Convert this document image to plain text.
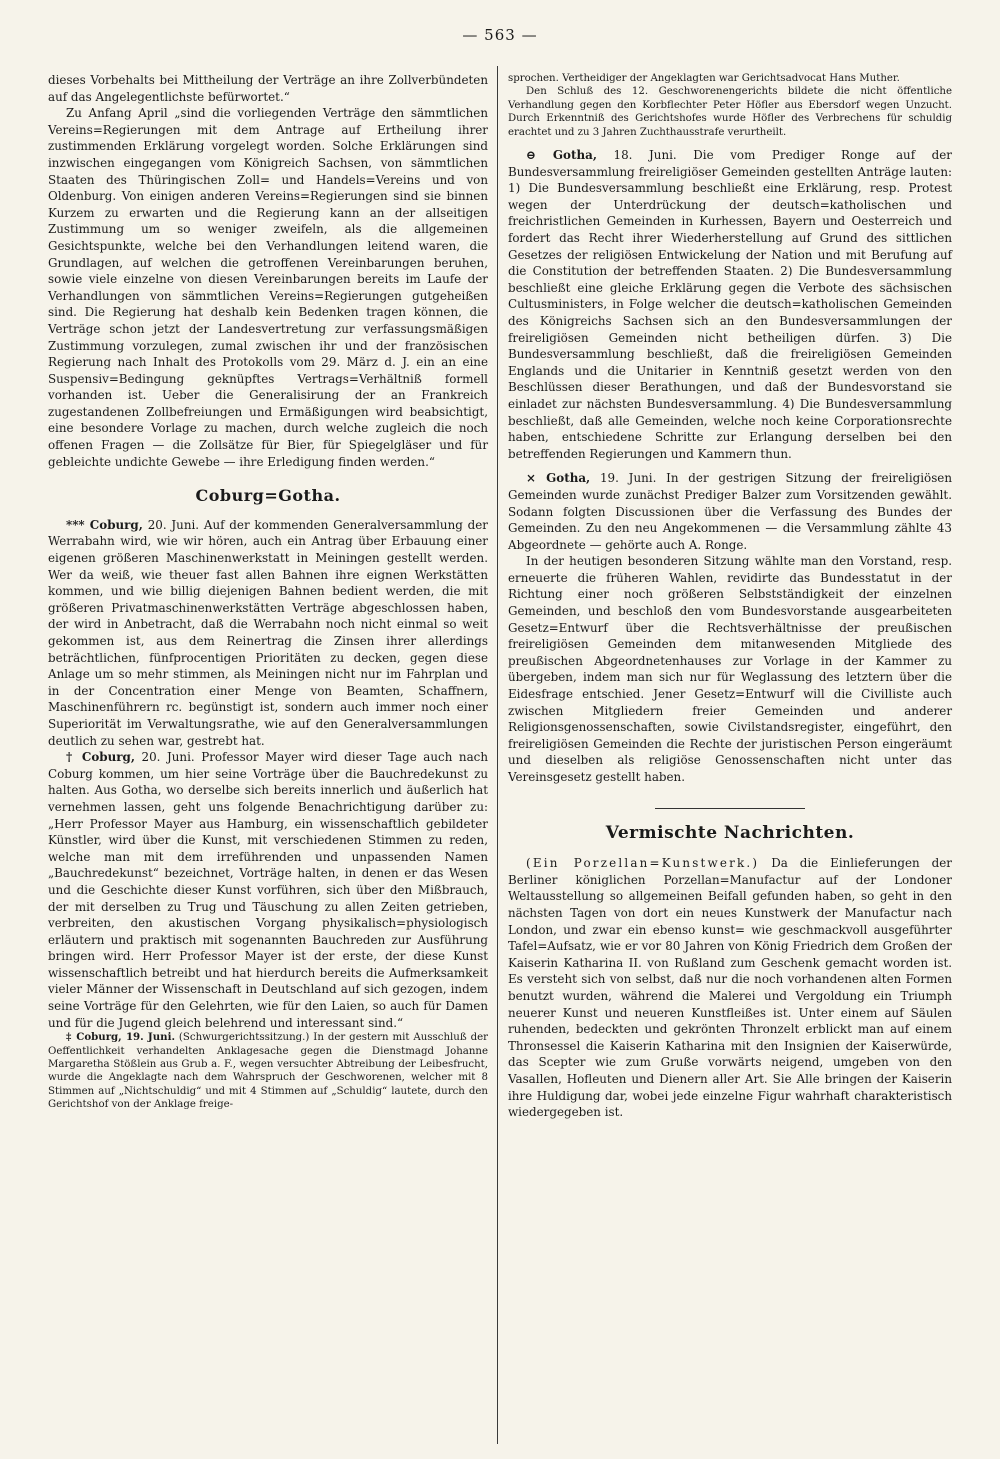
— 563 —

dieses Vorbehalts bei Mittheilung der Verträge an ihre Zollverbündeten auf das Angelegentlichste befürwortet.“

Zu Anfang April „sind die vorliegenden Verträge den sämmtlichen Vereins=Regierungen mit dem Antrage auf Ertheilung ihrer zustimmenden Erklärung vorgelegt worden. Solche Erklärungen sind inzwischen eingegangen vom Königreich Sachsen, von sämmtlichen Staaten des Thüringischen Zoll= und Handels=Vereins und von Oldenburg. Von einigen anderen Vereins=Regierungen sind sie binnen Kurzem zu erwarten und die Regierung kann an der allseitigen Zustimmung um so weniger zweifeln, als die allgemeinen Gesichtspunkte, welche bei den Verhandlungen leitend waren, die Grundlagen, auf welchen die getroffenen Vereinbarungen beruhen, sowie viele einzelne von diesen Vereinbarungen bereits im Laufe der Verhandlungen von sämmtlichen Vereins=Regierungen gutgeheißen sind. Die Regierung hat deshalb kein Bedenken tragen können, die Verträge schon jetzt der Landesvertretung zur verfassungsmäßigen Zustimmung vorzulegen, zumal zwischen ihr und der französischen Regierung nach Inhalt des Protokolls vom 29. März d. J. ein an eine Suspensiv=Bedingung geknüpftes Vertrags=Verhältniß formell vorhanden ist. Ueber die Generalisirung der an Frankreich zugestandenen Zollbefreiungen und Ermäßigungen wird beabsichtigt, eine besondere Vorlage zu machen, durch welche zugleich die noch offenen Fragen — die Zollsätze für Bier, für Spiegelgläser und für gebleichte undichte Gewebe — ihre Erledigung finden werden.“

Coburg=Gotha.

*** Coburg, 20. Juni. Auf der kommenden Generalversammlung der Werrabahn wird, wie wir hören, auch ein Antrag über Erbauung einer eigenen größeren Maschinenwerkstatt in Meiningen gestellt werden. Wer da weiß, wie theuer fast allen Bahnen ihre eignen Werkstätten kommen, und wie billig diejenigen Bahnen bedient werden, die mit größeren Privatmaschinenwerkstätten Verträge abgeschlossen haben, der wird in Anbetracht, daß die Werrabahn noch nicht einmal so weit gekommen ist, aus dem Reinertrag die Zinsen ihrer allerdings beträchtlichen, fünfprocentigen Prioritäten zu decken, gegen diese Anlage um so mehr stimmen, als Meiningen nicht nur im Fahrplan und in der Concentration einer Menge von Beamten, Schaffnern, Maschinenführern rc. begünstigt ist, sondern auch immer noch einer Superiorität im Verwaltungsrathe, wie auf den Generalversammlungen deutlich zu sehen war, gestrebt hat.

† Coburg, 20. Juni. Professor Mayer wird dieser Tage auch nach Coburg kommen, um hier seine Vorträge über die Bauchredekunst zu halten. Aus Gotha, wo derselbe sich bereits innerlich und äußerlich hat vernehmen lassen, geht uns folgende Benachrichtigung darüber zu: „Herr Professor Mayer aus Hamburg, ein wissenschaftlich gebildeter Künstler, wird über die Kunst, mit verschiedenen Stimmen zu reden, welche man mit dem irreführenden und unpassenden Namen „Bauchredekunst“ bezeichnet, Vorträge halten, in denen er das Wesen und die Geschichte dieser Kunst vorführen, sich über den Mißbrauch, der mit derselben zu Trug und Täuschung zu allen Zeiten getrieben, verbreiten, den akustischen Vorgang physikalisch=physiologisch erläutern und praktisch mit sogenannten Bauchreden zur Ausführung bringen wird. Herr Professor Mayer ist der erste, der diese Kunst wissenschaftlich betreibt und hat hierdurch bereits die Aufmerksamkeit vieler Männer der Wissenschaft in Deutschland auf sich gezogen, indem seine Vorträge für den Gelehrten, wie für den Laien, so auch für Damen und für die Jugend gleich belehrend und interessant sind.“

‡ Coburg, 19. Juni. (Schwurgerichtssitzung.) In der gestern mit Ausschluß der Oeffentlichkeit verhandelten Anklagesache gegen die Dienstmagd Johanne Margaretha Stößlein aus Grub a. F., wegen versuchter Abtreibung der Leibesfrucht, wurde die Angeklagte nach dem Wahrspruch der Geschworenen, welcher mit 8 Stimmen auf „Nichtschuldig“ und mit 4 Stimmen auf „Schuldig“ lautete, durch den Gerichtshof von der Anklage freige-

sprochen. Vertheidiger der Angeklagten war Gerichtsadvocat Hans Muther.

Den Schluß des 12. Geschworenengerichts bildete die nicht öffentliche Verhandlung gegen den Korbflechter Peter Höfler aus Ebersdorf wegen Unzucht. Durch Erkenntniß des Gerichtshofes wurde Höfler des Verbrechens für schuldig erachtet und zu 3 Jahren Zuchthausstrafe verurtheilt.

⊖ Gotha, 18. Juni. Die vom Prediger Ronge auf der Bundesversammlung freireligiöser Gemeinden gestellten Anträge lauten: 1) Die Bundesversammlung beschließt eine Erklärung, resp. Protest wegen der Unterdrückung der deutsch=katholischen und freichristlichen Gemeinden in Kurhessen, Bayern und Oesterreich und fordert das Recht ihrer Wiederherstellung auf Grund des sittlichen Gesetzes der religiösen Entwickelung der Nation und mit Berufung auf die Constitution der betreffenden Staaten. 2) Die Bundesversammlung beschließt eine gleiche Erklärung gegen die Verbote des sächsischen Cultusministers, in Folge welcher die deutsch=katholischen Gemeinden des Königreichs Sachsen sich an den Bundesversammlungen der freireligiösen Gemeinden nicht betheiligen dürfen. 3) Die Bundesversammlung beschließt, daß die freireligiösen Gemeinden Englands und die Unitarier in Kenntniß gesetzt werden von den Beschlüssen dieser Berathungen, und daß der Bundesvorstand sie einladet zur nächsten Bundesversammlung. 4) Die Bundesversammlung beschließt, daß alle Gemeinden, welche noch keine Corporationsrechte haben, entschiedene Schritte zur Erlangung derselben bei den betreffenden Regierungen und Kammern thun.

× Gotha, 19. Juni. In der gestrigen Sitzung der freireligiösen Gemeinden wurde zunächst Prediger Balzer zum Vorsitzenden gewählt. Sodann folgten Discussionen über die Verfassung des Bundes der Gemeinden. Zu den neu Angekommenen — die Versammlung zählte 43 Abgeordnete — gehörte auch A. Ronge.

In der heutigen besonderen Sitzung wählte man den Vorstand, resp. erneuerte die früheren Wahlen, revidirte das Bundesstatut in der Richtung einer noch größeren Selbstständigkeit der einzelnen Gemeinden, und beschloß den vom Bundesvorstande ausgearbeiteten Gesetz=Entwurf über die Rechtsverhältnisse der preußischen freireligiösen Gemeinden dem mitanwesenden Mitgliede des preußischen Abgeordnetenhauses zur Vorlage in der Kammer zu übergeben, indem man sich nur für Weglassung des letztern über die Eidesfrage entschied. Jener Gesetz=Entwurf will die Civilliste auch zwischen Mitgliedern freier Gemeinden und anderer Religionsgenossenschaften, sowie Civilstandsregister, eingeführt, den freireligiösen Gemeinden die Rechte der juristischen Person eingeräumt und dieselben als religiöse Genossenschaften nicht unter das Vereinsgesetz gestellt haben.

Vermischte Nachrichten.

(Ein Porzellan=Kunstwerk.) Da die Einlieferungen der Berliner königlichen Porzellan=Manufactur auf der Londoner Weltausstellung so allgemeinen Beifall gefunden haben, so geht in den nächsten Tagen von dort ein neues Kunstwerk der Manufactur nach London, und zwar ein ebenso kunst= wie geschmackvoll ausgeführter Tafel=Aufsatz, wie er vor 80 Jahren von König Friedrich dem Großen der Kaiserin Katharina II. von Rußland zum Geschenk gemacht worden ist. Es versteht sich von selbst, daß nur die noch vorhandenen alten Formen benutzt wurden, während die Malerei und Vergoldung ein Triumph neuerer Kunst und neueren Kunstfleißes ist. Unter einem auf Säulen ruhenden, bedeckten und gekrönten Thronzelt erblickt man auf einem Thronsessel die Kaiserin Katharina mit den Insignien der Kaiserwürde, das Scepter wie zum Gruße vorwärts neigend, umgeben von den Vasallen, Hofleuten und Dienern aller Art. Sie Alle bringen der Kaiserin ihre Huldigung dar, wobei jede einzelne Figur wahrhaft charakteristisch wiedergegeben ist.
